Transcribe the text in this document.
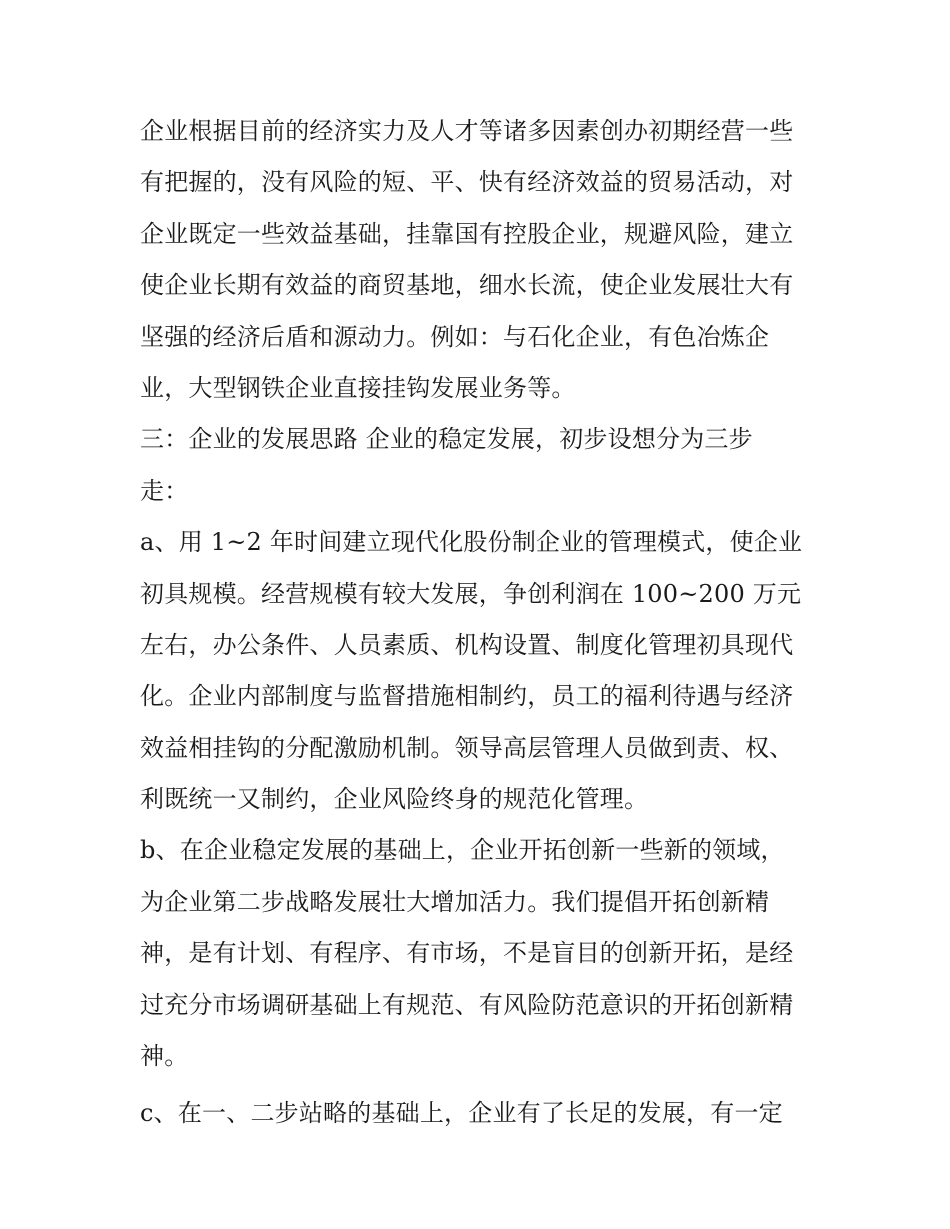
企业根据目前的经济实力及人才等诸多因素创办初期经营一些
有把握的，没有风险的短、平、快有经济效益的贸易活动，对
企业既定一些效益基础，挂靠国有控股企业，规避风险，建立
使企业长期有效益的商贸基地，细水长流，使企业发展壮大有
坚强的经济后盾和源动力。例如：与石化企业，有色冶炼企
业，大型钢铁企业直接挂钩发展业务等。
三：企业的发展思路 企业的稳定发展，初步设想分为三步
走：
a、用 1~2 年时间建立现代化股份制企业的管理模式，使企业
初具规模。经营规模有较大发展，争创利润在 100~200 万元
左右，办公条件、人员素质、机构设置、制度化管理初具现代
化。企业内部制度与监督措施相制约，员工的福利待遇与经济
效益相挂钩的分配激励机制。领导高层管理人员做到责、权、
利既统一又制约，企业风险终身的规范化管理。
b、在企业稳定发展的基础上，企业开拓创新一些新的领域，
为企业第二步战略发展壮大增加活力。我们提倡开拓创新精
神，是有计划、有程序、有市场，不是盲目的创新开拓，是经
过充分市场调研基础上有规范、有风险防范意识的开拓创新精
神。
c、在一、二步站略的基础上，企业有了长足的发展，有一定
